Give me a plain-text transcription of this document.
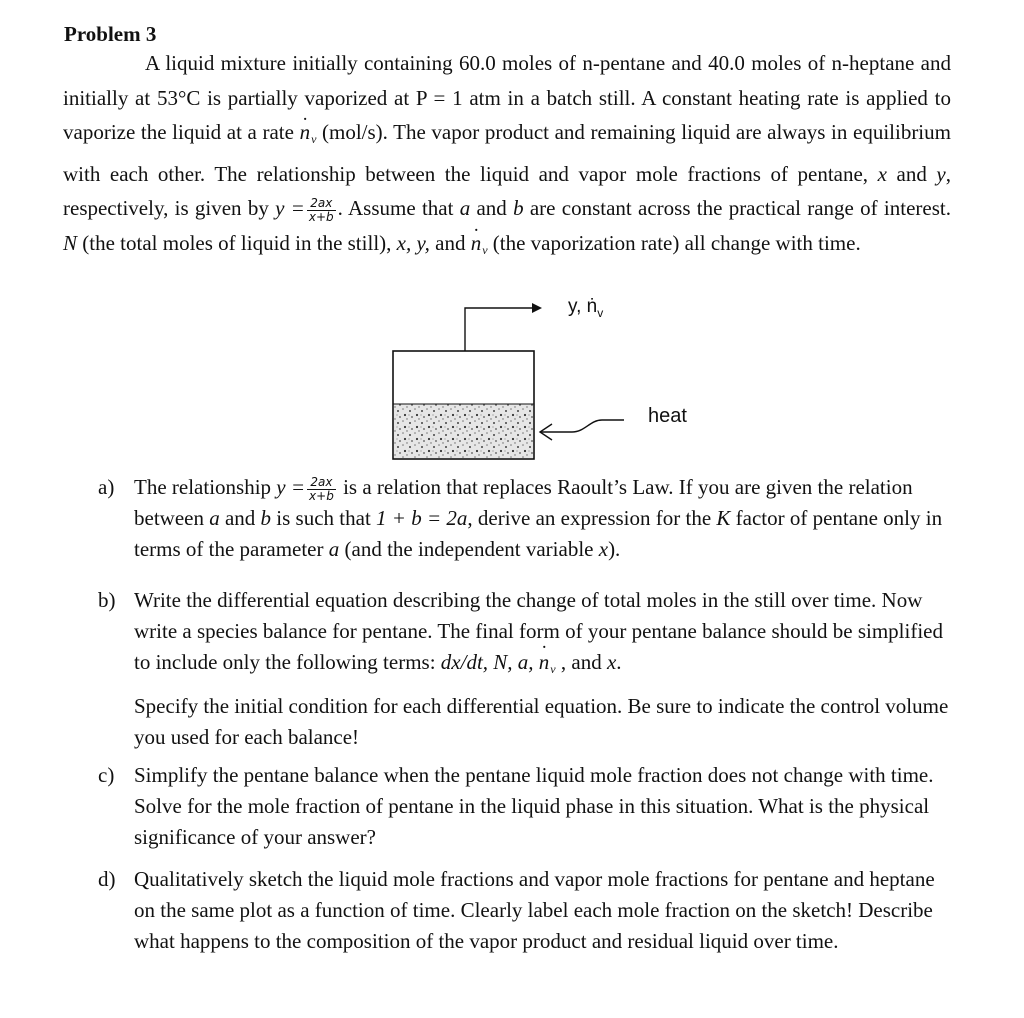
Problem 3
A liquid mixture initially containing 60.0 moles of n-pentane and 40.0 moles of n-heptane and initially at 53°C is partially vaporized at P = 1 atm in a batch still. A constant heating rate is applied to vaporize the liquid at a rate ˙ $n_v$ (mol/s). The vapor product and remaining liquid are always in equilibrium with each other. The relationship between the liquid and vapor mole fractions of pentane, x and y, respectively, is given by $y = \frac{2ax}{x+b}$ . Assume that a and b are constant across the practical range of interest. N (the total moles of liquid in the still), x, y, and ˙ $n_v$ (the vaporization rate) all change with time.
y, ṅ$_v$
heat
a) The relationship $y = \frac{2ax}{x+b}$ is a relation that replaces Raoult’s Law. If you are given the relation between a and b is such that 1 + b = 2a, derive an expression for the K factor of pentane only in terms of the parameter a (and the independent variable x).
b) Write the differential equation describing the change of total moles in the still over time. Now write a species balance for pentane. The final form of your pentane balance should be simplified to include only the following terms: dx/dt, N, a, ˙ $n_v$ , and x.

Specify the initial condition for each differential equation. Be sure to indicate the control volume you used for each balance!

c) Simplify the pentane balance when the pentane liquid mole fraction does not change with time. Solve for the mole fraction of pentane in the liquid phase in this situation. What is the physical significance of your answer?

d) Qualitatively sketch the liquid mole fractions and vapor mole fractions for pentane and heptane on the same plot as a function of time. Clearly label each mole fraction on the sketch! Describe what happens to the composition of the vapor product and residual liquid over time.
